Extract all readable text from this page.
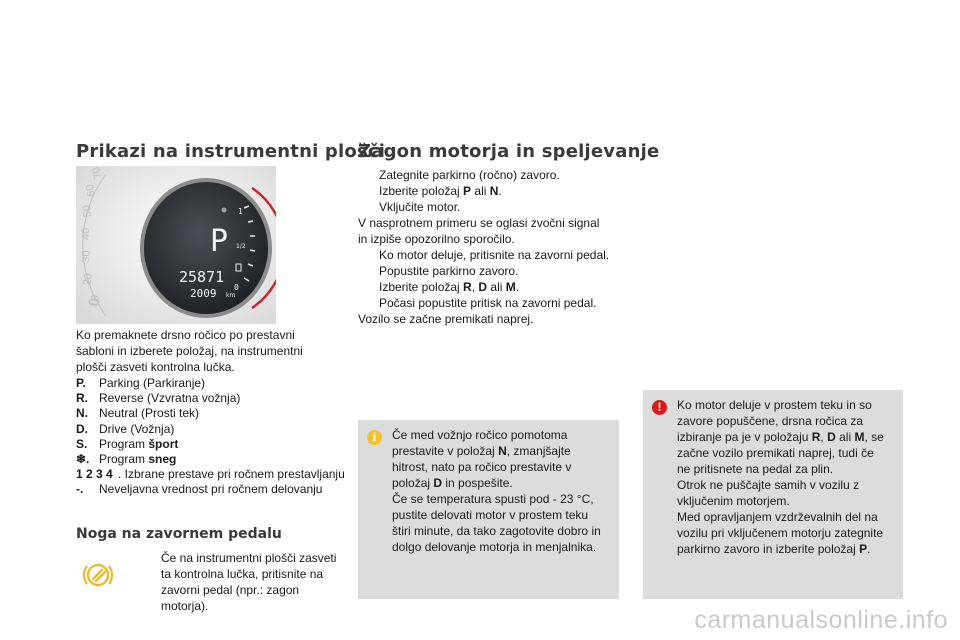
Prikazi na instrumentni plošči
10
20
30
40
50
60
70
1
1/2
0
P
25871
2009 km
Ko premaknete drsno ročico po prestavni šabloni in izberete položaj, na instrumentni plošči zasveti kontrolna lučka.
P.	Parking (Parkiranje)
R. Reverse (Vzvratna vožnja)
N. Neutral (Prosti tek)
D. Drive (Vožnja)
S. Program šport
❄. Program sneg
1 2 3 4 . Izbrane prestave pri ročnem prestavljanju
-.	Neveljavna vrednost pri ročnem delovanju
Noga na zavornem pedalu
Če na instrumentni plošči zasveti ta kontrolna lučka, pritisnite na zavorni pedal (npr.: zagon motorja).
Zagon motorja in speljevanje
Zategnite parkirno (ročno) zavoro.
Izberite položaj P ali N.
Vključite motor.
V nasprotnem primeru se oglasi zvočni signal
in izpiše opozorilno sporočilo.
Ko motor deluje, pritisnite na zavorni pedal.
Popustite parkirno zavoro.
Izberite položaj R, D ali M.
Počasi popustite pritisk na zavorni pedal.
Vozilo se začne premikati naprej.
i	Če med vožnjo ročico pomotoma
prestavite v položaj N, zmanjšajte
hitrost, nato pa ročico prestavite v
položaj D in pospešite.
Če se temperatura spusti pod - 23 °C,
pustite delovati motor v prostem teku
štiri minute, da tako zagotovite dobro in
dolgo delovanje motorja in menjalnika.
!	Ko motor deluje v prostem teku in so
zavore popuščene, drsna ročica za
izbiranje pa je v položaju R, D ali M, se
začne vozilo premikati naprej, tudi če
ne pritisnete na pedal za plin.
Otrok ne puščajte samih v vozilu z
vključenim motorjem.
Med opravljanjem vzdrževalnih del na
vozilu pri vključenem motorju zategnite
parkirno zavoro in izberite položaj P.
carmanualsonline.info
